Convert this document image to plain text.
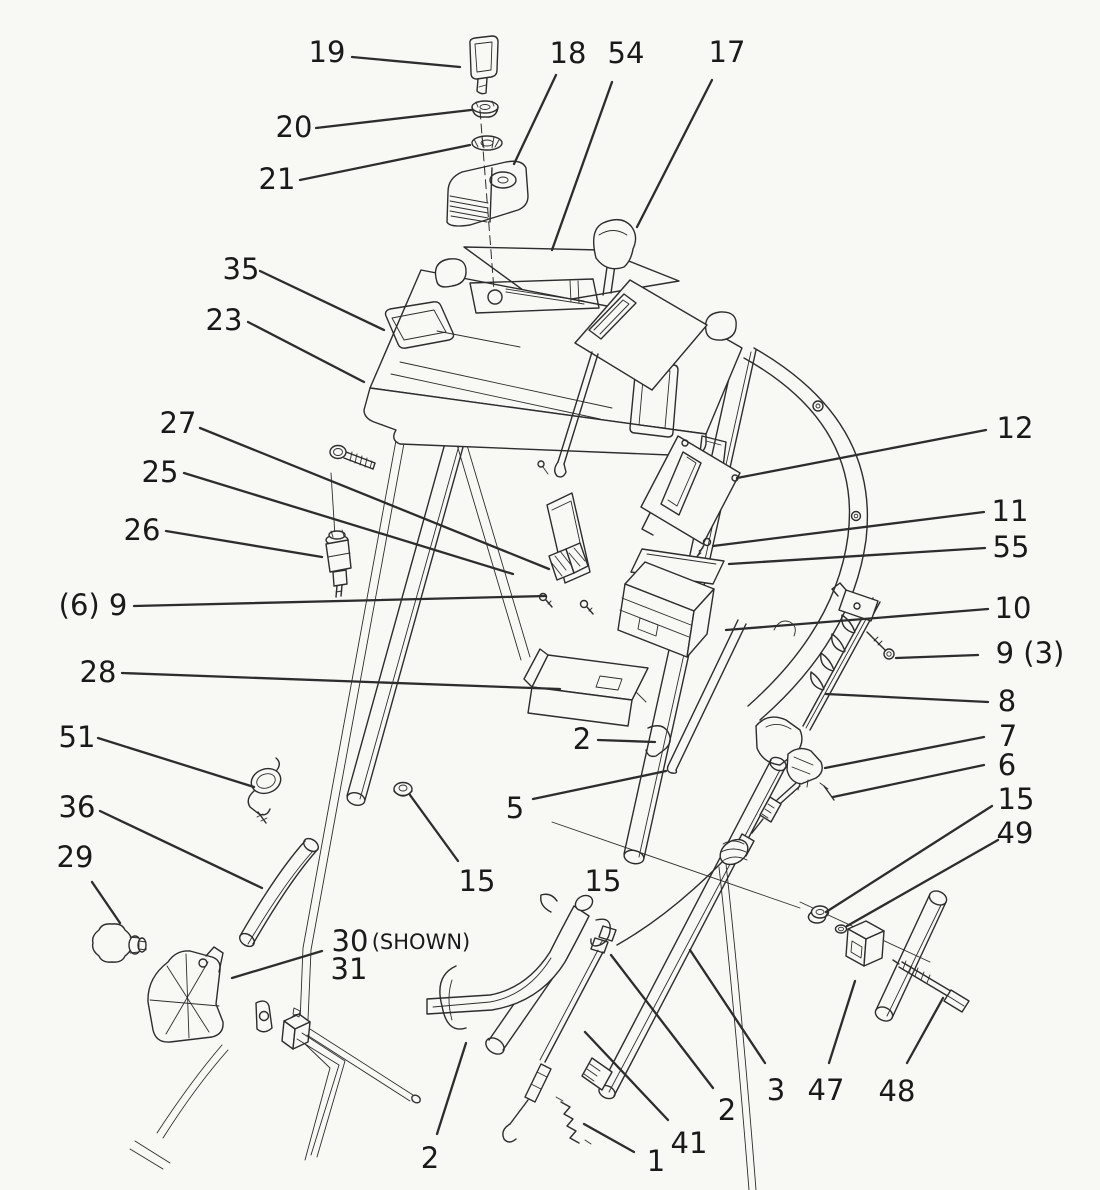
19
20
21
18 54 17
35
23
27
25
26
(6) 9
28
12
11
55
10
9 (3)
8
7
6
15
49
51
36
29
15	15
30 (SHOWN)
31
2
5
2	1
41
2
3 47 48
